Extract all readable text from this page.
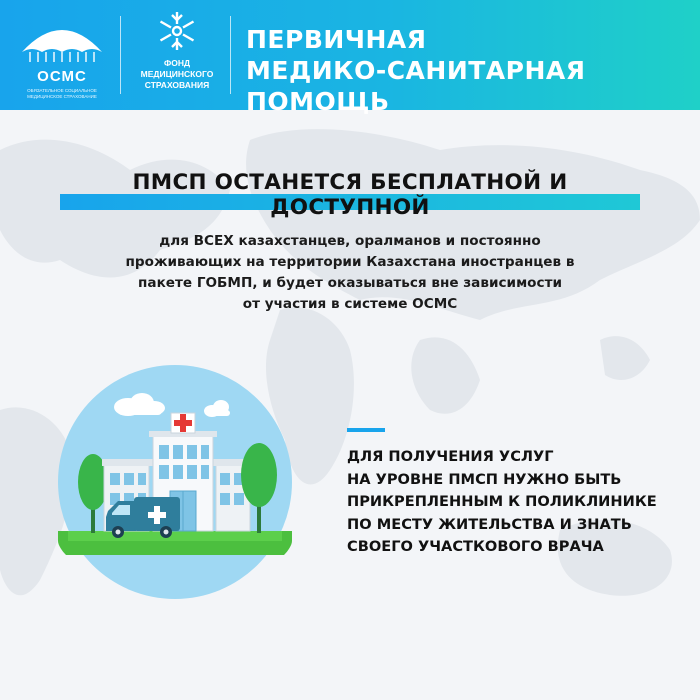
ОСМС
ОБЯЗАТЕЛЬНОЕ СОЦИАЛЬНОЕ МЕДИЦИНСКОЕ СТРАХОВАНИЕ
ФОНД
МЕДИЦИНСКОГО
СТРАХОВАНИЯ
ПЕРВИЧНАЯ
МЕДИКО-САНИТАРНАЯ ПОМОЩЬ
ПМСП ОСТАНЕТСЯ БЕСПЛАТНОЙ И ДОСТУПНОЙ
для ВСЕХ казахстанцев, оралманов и постоянно
проживающих на территории Казахстана иностранцев в
пакете ГОБМП, и будет оказываться вне зависимости
от участия в системе ОСМС
ДЛЯ ПОЛУЧЕНИЯ УСЛУГ
НА УРОВНЕ ПМСП НУЖНО БЫТЬ
ПРИКРЕПЛЕННЫМ К ПОЛИКЛИНИКЕ
ПО МЕСТУ ЖИТЕЛЬСТВА И ЗНАТЬ
СВОЕГО УЧАСТКОВОГО ВРАЧА
